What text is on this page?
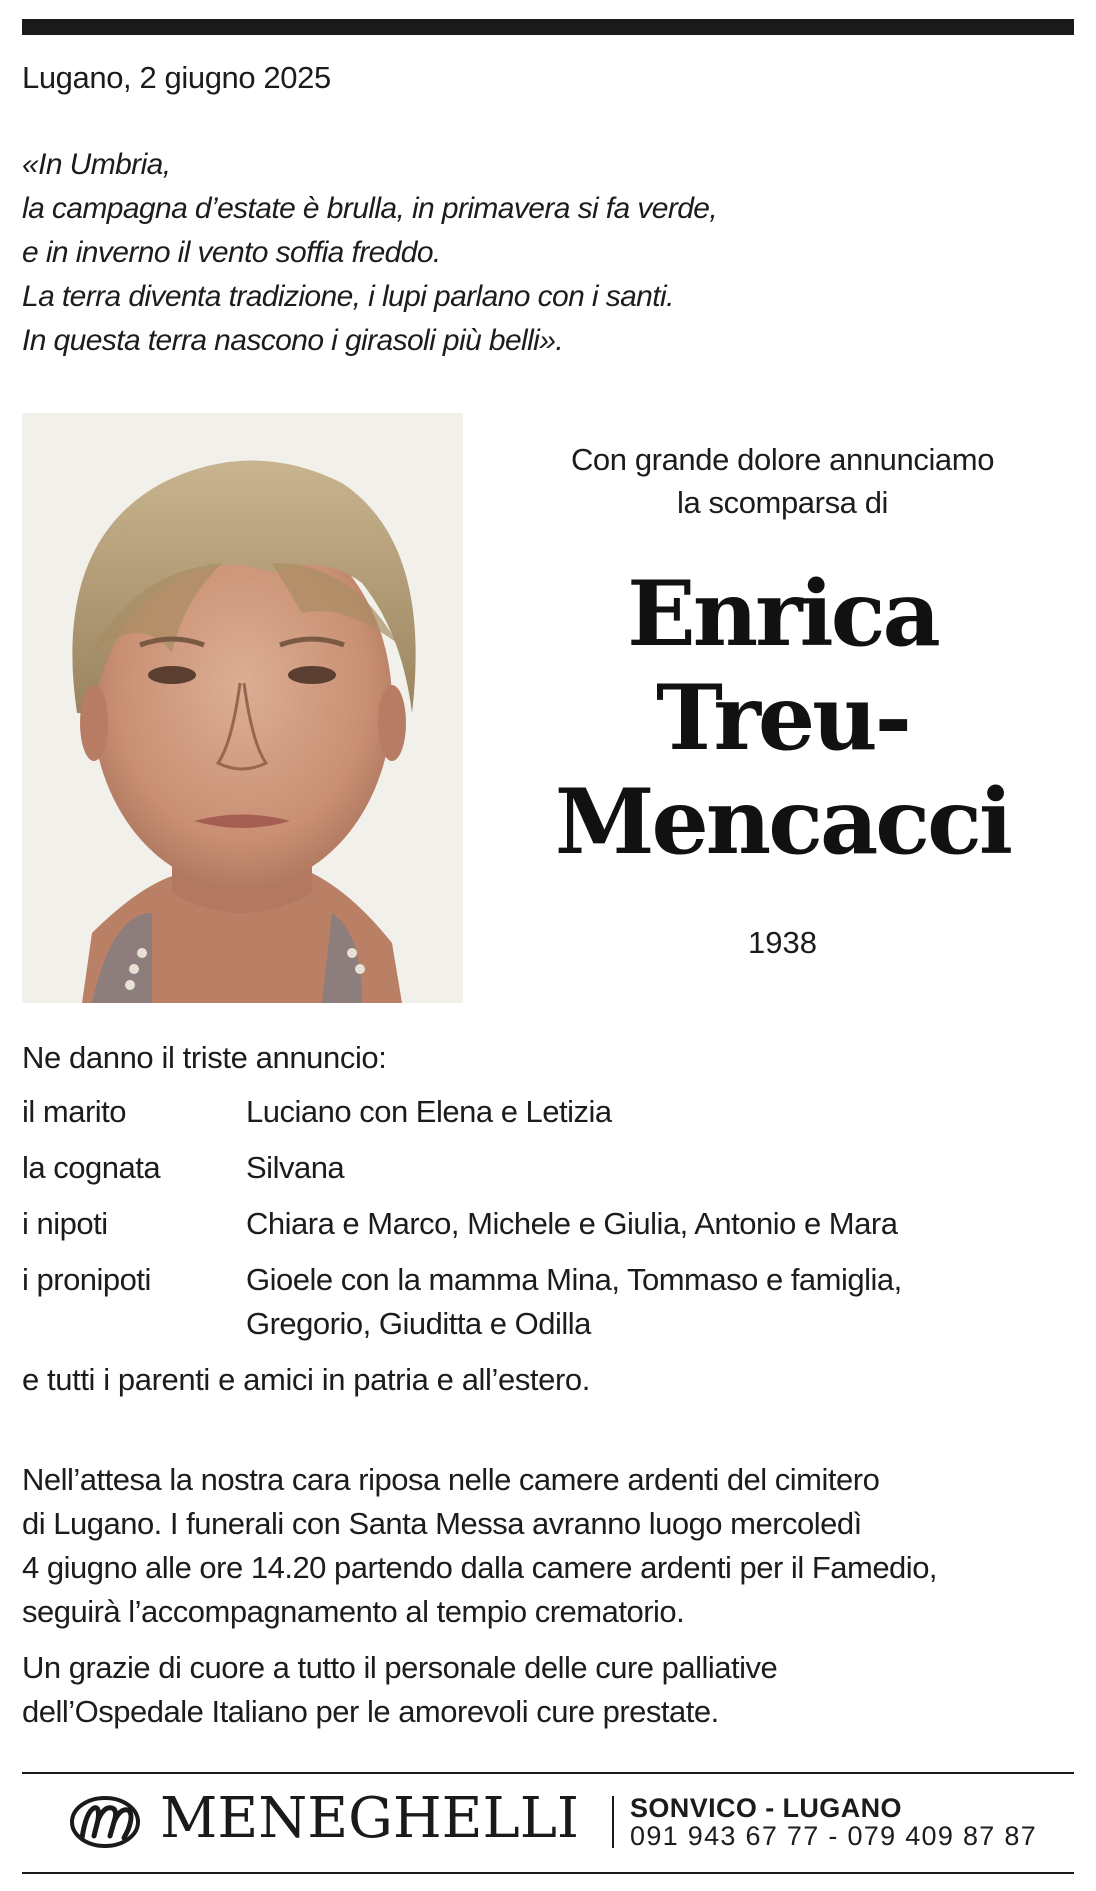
Lugano, 2 giugno 2025
«In Umbria,
la campagna d’estate è brulla, in primavera si fa verde,
e in inverno il vento soffia freddo.
La terra diventa tradizione, i lupi parlano con i santi.
In questa terra nascono i girasoli più belli».
Con grande dolore annunciamo
la scomparsa di
Enrica
Treu-
Mencacci
1938
Ne danno il triste annuncio:
il marito	Luciano con Elena e Letizia
la cognata	Silvana
i nipoti	Chiara e Marco, Michele e Giulia, Antonio e Mara
i pronipoti	Gioele con la mamma Mina, Tommaso e famiglia,
Gregorio, Giuditta e Odilla
e tutti i parenti e amici in patria e all’estero.
Nell’attesa la nostra cara riposa nelle camere ardenti del cimitero
di Lugano. I funerali con Santa Messa avranno luogo mercoledì
4 giugno alle ore 14.20 partendo dalla camere ardenti per il Famedio,
seguirà l’accompagnamento al tempio crematorio.
Un grazie di cuore a tutto il personale delle cure palliative
dell’Ospedale Italiano per le amorevoli cure prestate.
MENEGHELLI SONVICO - LUGANO
091 943 67 77 - 079 409 87 87
